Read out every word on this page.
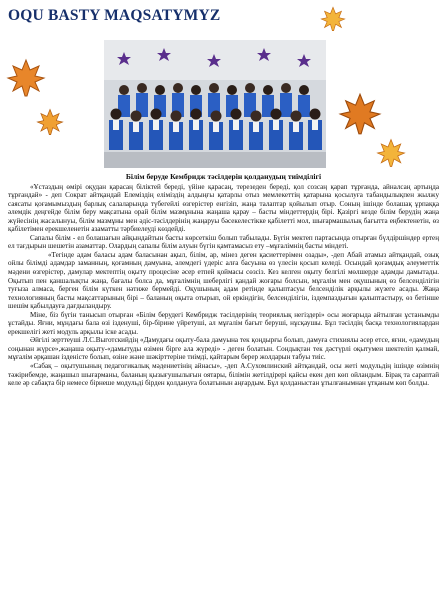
OQU BASTY MAQSATYMYZ

Білім беруде Кембридж тәсілдерін қолданудың тиімділігі

«Ұстаздың өмірі оқудан қарасаң біліктей береді, үйіне қарасаң, терезеден береді, қол созсаң қарап тұрғанда, айналсаң артыңда тұрғандай» - деп Сократ айтқандай Елеміздің еліміздің алдыңғы қатарлы отыз мемлекеттің қатарына қосылуға табандылықпен жылжу саясаты қоғамымыздың барлық салаларында түбегейлі өзгерістер енгізіп, жаңа талаптар қойылып отыр. Соның ішінде болашақ ұрпаққа әлемдік деңгейде білім беру мақсатына орай білім мазмұнына жаңаша қарау – басты міндеттердің бірі. Қазіргі кезде білім берудің жаңа жүйесінің жасалынуы, білім мазмұны мен әдіс-тәсілдерінің жаңаруы бәсекелестікке қабілетті мол, шығармашылық бағытта еңбектенетін, өз қабілетімен ерекшеленетін азаматты тәрбиелеуді көздейді.

Сапалы білім - ел болашағын айқындайтын басты көрсеткіш болып табылады. Бүгін мектеп партасында отырған бүлдіршіндер ертең ел тағдырын шешетін азаматтар. Олардың сапалы білім алуын бүгін қамтамасыз ету –мұғалімнің басты міндеті.

«Тегінде адам баласы адам баласынан ақыл, білім, ар, мінез деген қасиеттерімен озады», -деп Абай атамыз айтқандай, озық ойлы білімді адамдар заманның, қоғамның дамуына, әлемдегі үдеріс алға басуына өз үлесін қосып келеді. Осындай қоғамдық әлеуметтік мәдени өзгерістер, дамулар мектептің оқыту процесіне әсер етпей қоймасы сөзсіз. Кез келген оқыту белгілі мөлшерде адамды дамытады. Оқытып пен қаншалықты жаңа, бағалы болса да, мұғалімнің шеберлігі қандай жоғары болсын, мұғалім мен оқушының өз белсенділігін туғыза алмаса, берген білім күткен нәтиже бермейді. Оқушының адам ретінде қалыптасуы белсенділік арқылы жүзеге асады. Жаңа технологияның басты мақсаттарының бірі – баланың оқыта отырып, ой еркіндігін, белсенділігін, іздемпаздығын қалыптастыру, өз бетінше шешім қабылдауға дағдыландыру.

Міне, біз бүгін танысып отырған «Білім берудегі Кембридж тәсілдерінің теориялық негіздері» осы жоғарыда айтылған ұстанымды ұстайды. Яғни, мұндағы бала өзі ізденуші, бір-бірине үйретуші, ал мұғалім бағыт беруші, нұсқаушы. Бұл тәсілдің басқа технологиялардан ерекшелігі жеті модуль арқылы іске асады.

Әйгілі зерттеуші Л.С.Выготскийдің «Дамудағы оқыту-бала дамуына тек қоңдырғы болып, дамуға стихиялы әсер етсе, яғни, «дамудың соңынан жүрсе»,жаңаша оқыту-«дамытуды өзімен бірге ала жүреді» - деген болатын. Сондықтан тек дәстүрлі оқытумен шектеліп қалмай, мұғалім әрқашан ізденісте болып, өзіне және шәкірттеріне тиімді, қайтарым берер жолдарын табуы тиіс.

«Сабақ – оқытушының педагогикалық мәдениетінің айнасы», -деп А.Сухомлинский айтқандай, осы жеті модульдің ішінде өзімнің тәжірибемде, жаңашыл шығарманы, баланың қызығушылығын оятары, білімін жетілдірері қайсы екен деп көп ойландым. Бірақ та сараптай келе әр сабақта бір немесе бірнеше модульді бірден қолдануға болатынын аңғардым. Бұл қолданыстан ұтылғанымнан ұтқаным көп болды.
